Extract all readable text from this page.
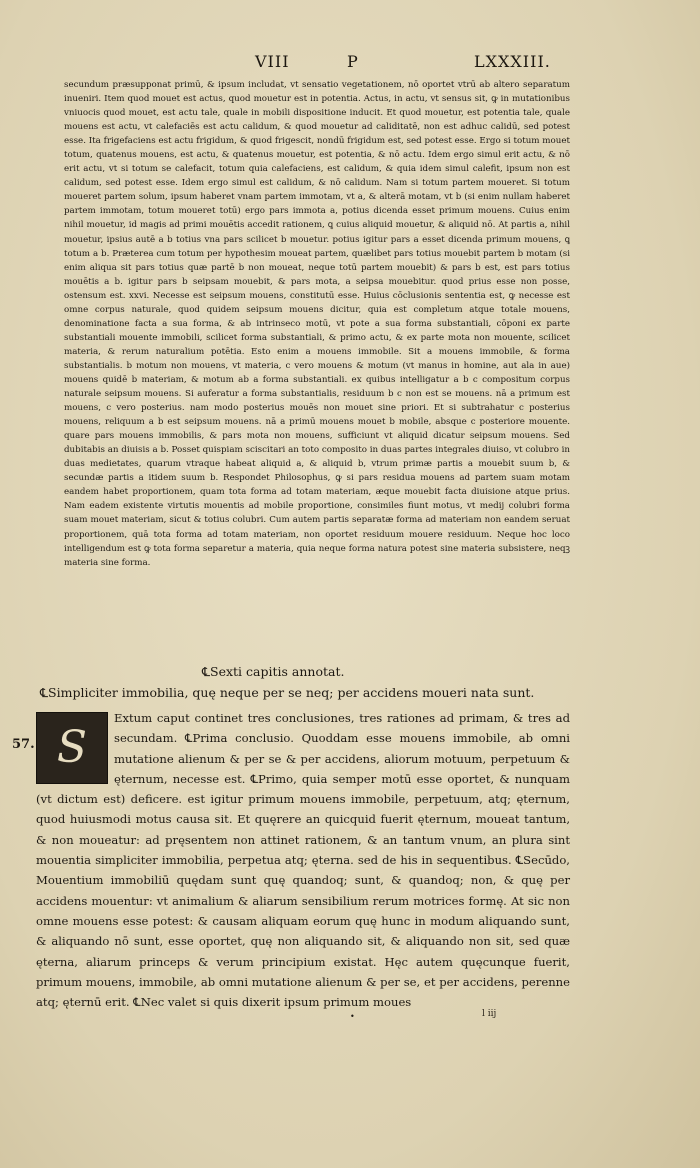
VIII	P	LXXXIII.

secundum præsupponat primū, & ipsum includat, vt sensatio vegetationem, nō oportet vtrū ab altero separatum inueniri. Item quod mouet est actus, quod mouetur est in potentia. Actus, in actu, vt sensus sit, ꝙ in mutationibus vniuocis quod mouet, est actu tale, quale in mobili dispositione inducit. Et quod mouetur, est potentia tale, quale mouens est actu, vt calefaciēs est actu calidum, & quod mouetur ad caliditatē, non est adhuc calidū, sed potest esse. Ita frigefaciens est actu frigidum, & quod frigescit, nondū frigidum est, sed potest esse. Ergo si totum mouet totum, quatenus mouens, est actu, & quatenus mouetur, est potentia, & nō actu. Idem ergo simul erit actu, & nō erit actu, vt si totum se calefacit, totum quia calefaciens, est calidum, & quia idem simul calefit, ipsum non est calidum, sed potest esse. Idem ergo simul est calidum, & nō calidum. Nam si totum partem moueret. Si totum moueret partem solum, ipsum haberet vnam partem immotam, vt a, & alterā motam, vt b (si enim nullam haberet partem immotam, totum moueret totū) ergo pars immota a, potius dicenda esset primum mouens. Cuius enim nihil mouetur, id magis ad primi mouētis accedit rationem, ꝗ cuius aliquid mouetur, & aliquid nō. At partis a, nihil mouetur, ipsius autē a b totius vna pars scilicet b mouetur. potius igitur pars a esset dicenda primum mouens, ꝗ totum a b. Præterea cum totum per hypothesim moueat partem, quælibet pars totius mouebit partem b motam (si enim aliqua sit pars totius quæ partē b non moueat, neque totū partem mouebit) & pars b est, est pars totius mouētis a b. igitur pars b seipsam mouebit, & pars mota, a seipsa mouebitur. quod prius esse non posse, ostensum est. xxvi. Necesse est seipsum mouens, constitutū esse. Huius cōclusionis sententia est, ꝙ necesse est omne corpus naturale, quod quidem seipsum mouens dicitur, quia est completum atque totale mouens, denominatione facta a sua forma, & ab intrinseco motū, vt pote a sua forma substantiali, cōponi ex parte substantiali mouente immobili, scilicet forma substantiali, & primo actu, & ex parte mota non mouente, scilicet materia, & rerum naturalium potētia. Esto enim a mouens immobile. Sit a mouens immobile, & forma substantialis. b motum non mouens, vt materia, c vero mouens & motum (vt manus in homine, aut ala in aue) mouens quidē b materiam, & motum ab a forma substantiali. ex quibus intelligatur a b c compositum corpus naturale seipsum mouens. Si auferatur a forma substantialis, residuum b c non est se mouens. nā a primum est mouens, c vero posterius. nam modo posterius mouēs non mouet sine priori. Et si subtrahatur c posterius mouens, reliquum a b est seipsum mouens. nā a primū mouens mouet b mobile, absque c posteriore mouente. quare pars mouens immobilis, & pars mota non mouens, sufficiunt vt aliquid dicatur seipsum mouens. Sed dubitabis an diuisis a b. Posset quispiam sciscitari an toto composito in duas partes integrales diuiso, vt colubro in duas medietates, quarum vtraque habeat aliquid a, & aliquid b, vtrum primæ partis a mouebit suum b, & secundæ partis a itidem suum b. Respondet Philosophus, ꝙ si pars residua mouens ad partem suam motam eandem habet proportionem, quam tota forma ad totam materiam, æque mouebit facta diuisione atque prius. Nam eadem existente virtutis mouentis ad mobile proportione, consimiles fiunt motus, vt medij colubri forma suam mouet materiam, sicut & totius colubri. Cum autem partis separatæ forma ad materiam non eandem seruat proportionem, quā tota forma ad totam materiam, non oportet residuum mouere residuum. Neque hoc loco intelligendum est ꝙ tota forma separetur a materia, quia neque forma natura potest sine materia subsistere, neqꝫ materia sine forma.

℄Sexti capitis annotat.
℄Simpliciter immobilia, quę neque per se neq; per accidens moueri nata sunt.
57. S

Extum caput continet tres conclusiones, tres rationes ad primam, & tres ad secundam. ℄Prima conclusio. Quoddam esse mouens immobile, ab omni mutatione alienum & per se & per accidens, aliorum motuum, perpetuum & ęternum, necesse est. ℄Primo, quia semper motū esse oportet, & nunquam (vt dictum est) deficere. est igitur primum mouens immobile, perpetuum, atq; ęternum, quod huiusmodi motus causa sit. Et quęrere an quicquid fuerit ęternum, moueat tantum, & non moueatur: ad pręsentem non attinet rationem, & an tantum vnum, an plura sint mouentia simpliciter immobilia, perpetua atq; ęterna. sed de his in sequentibus. ℄Secūdo, Mouentium immobiliū quędam sunt quę quandoq; sunt, & quandoq; non, & quę per accidens mouentur: vt animalium & aliarum sensibilium rerum motrices formę. At sic non omne mouens esse potest: & causam aliquam eorum quę hunc in modum aliquando sunt, & aliquando nō sunt, esse oportet, quę non aliquando sit, & aliquando non sit, sed quæ ęterna, aliarum princeps & verum principium existat. Hęc autem quęcunque fuerit, primum mouens, immobile, ab omni mutatione alienum & per se, et per accidens, perenne atq; ęternū erit. ℄Nec valet si quis dixerit ipsum primum moues

•	l iij
